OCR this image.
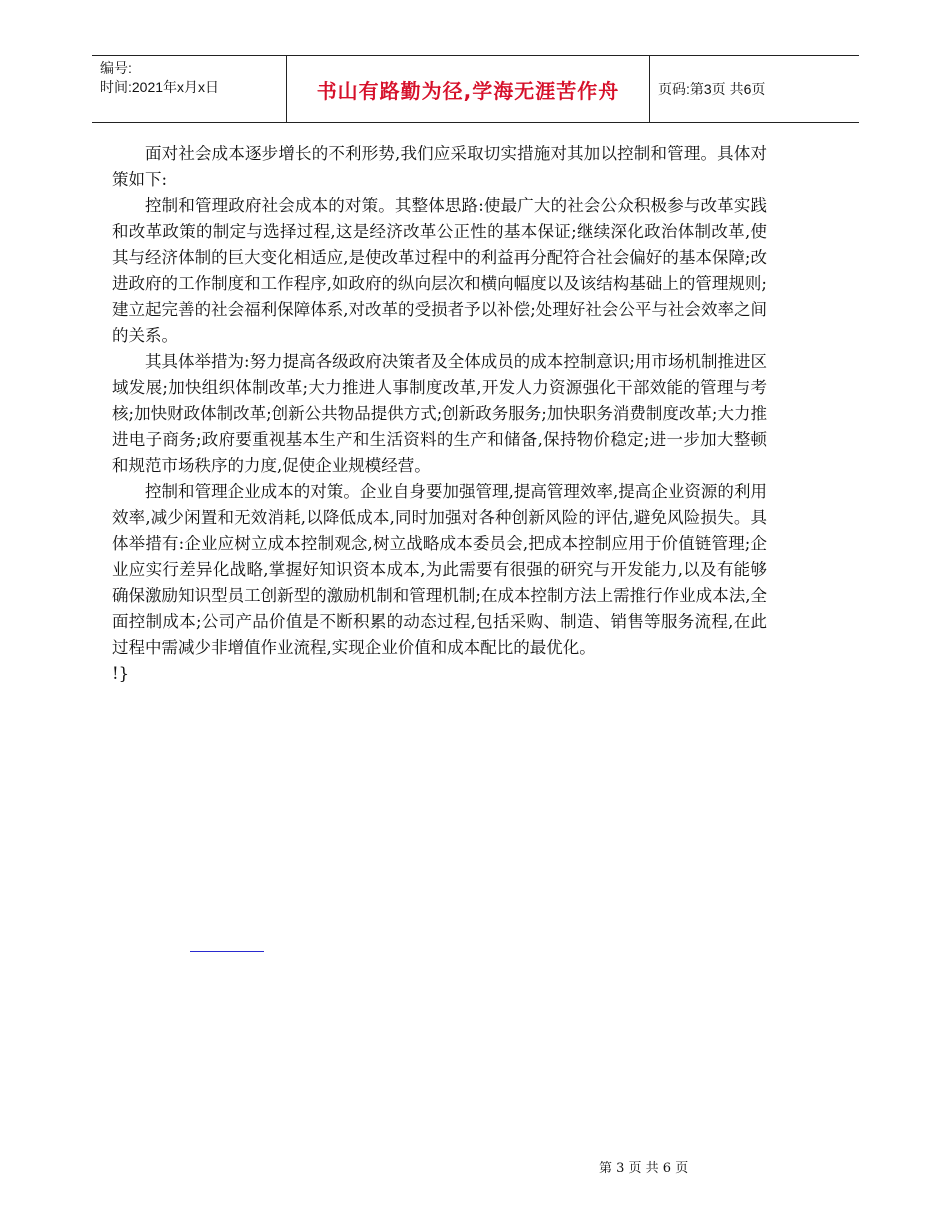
编号:
时间:2021年x月x日	书山有路勤为径,学海无涯苦作舟	页码:第3页 共6页

面对社会成本逐步增长的不利形势,我们应采取切实措施对其加以控制和管理。具体对策如下:

控制和管理政府社会成本的对策。其整体思路:使最广大的社会公众积极参与改革实践和改革政策的制定与选择过程,这是经济改革公正性的基本保证;继续深化政治体制改革,使其与经济体制的巨大变化相适应,是使改革过程中的利益再分配符合社会偏好的基本保障;改进政府的工作制度和工作程序,如政府的纵向层次和横向幅度以及该结构基础上的管理规则;建立起完善的社会福利保障体系,对改革的受损者予以补偿;处理好社会公平与社会效率之间的关系。

其具体举措为:努力提高各级政府决策者及全体成员的成本控制意识;用市场机制推进区域发展;加快组织体制改革;大力推进人事制度改革,开发人力资源强化干部效能的管理与考核;加快财政体制改革;创新公共物品提供方式;创新政务服务;加快职务消费制度改革;大力推进电子商务;政府要重视基本生产和生活资料的生产和储备,保持物价稳定;进一步加大整顿和规范市场秩序的力度,促使企业规模经营。

控制和管理企业成本的对策。企业自身要加强管理,提高管理效率,提高企业资源的利用效率,减少闲置和无效消耗,以降低成本,同时加强对各种创新风险的评估,避免风险损失。具体举措有:企业应树立成本控制观念,树立战略成本委员会,把成本控制应用于价值链管理;企业应实行差异化战略,掌握好知识资本成本,为此需要有很强的研究与开发能力,以及有能够确保激励知识型员工创新型的激励机制和管理机制;在成本控制方法上需推行作业成本法,全面控制成本;公司产品价值是不断积累的动态过程,包括采购、制造、销售等服务流程,在此过程中需减少非增值作业流程,实现企业价值和成本配比的最优化。

!}

第 3 页 共 6 页
